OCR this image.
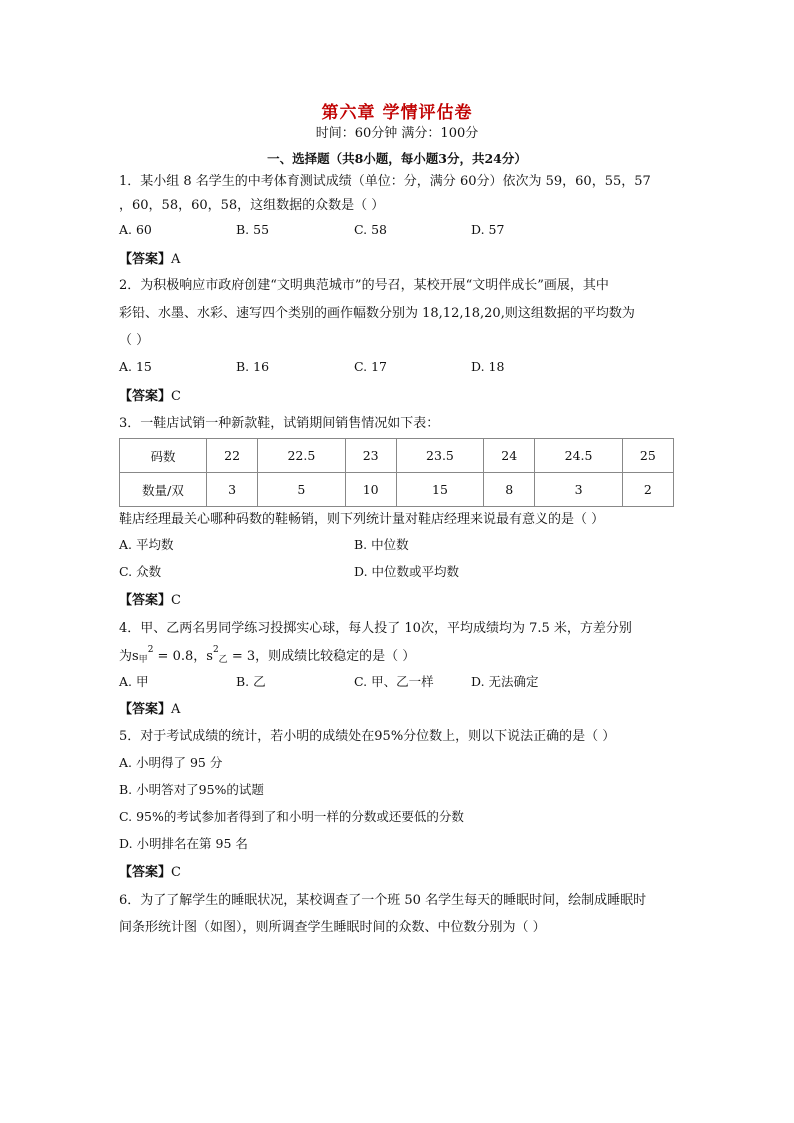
第六章 学情评估卷
时间：60分钟 满分：100分
一、选择题（共8小题，每小题3分，共24分）
1．某小组 8 名学生的中考体育测试成绩（单位：分，满分 60分）依次为 59，60，55，57
，60，58，60，58，这组数据的众数是（ ）
A. 60	B. 55	C. 58	D. 57
【答案】A
2．为积极响应市政府创建“文明典范城市”的号召，某校开展“文明伴成长”画展，其中
彩铅、水墨、水彩、速写四个类别的画作幅数分别为 18,12,18,20,则这组数据的平均数为
（ ）
A. 15	B. 16	C. 17	D. 18
【答案】C
3．一鞋店试销一种新款鞋，试销期间销售情况如下表：
码数	22	22.5	23	23.5	24	24.5	25
数量/双	3	5	10	15	8	3	2
鞋店经理最关心哪种码数的鞋畅销，则下列统计量对鞋店经理来说最有意义的是（ ）
A. 平均数	B. 中位数
C. 众数	D. 中位数或平均数
【答案】C
4．甲、乙两名男同学练习投掷实心球，每人投了 10次，平均成绩均为 7.5 米，方差分别
为s甲$^2$ = 0.8，$s^2$乙 = 3，则成绩比较稳定的是（ ）
A. 甲	B. 乙	C. 甲、乙一样	D. 无法确定
【答案】A
5．对于考试成绩的统计，若小明的成绩处在95%分位数上，则以下说法正确的是（ ）
A. 小明得了 95 分
B. 小明答对了95%的试题
C. 95%的考试参加者得到了和小明一样的分数或还要低的分数
D. 小明排名在第 95 名
【答案】C
6．为了了解学生的睡眠状况，某校调查了一个班 50 名学生每天的睡眠时间，绘制成睡眠时
间条形统计图（如图），则所调查学生睡眠时间的众数、中位数分别为（ ）
